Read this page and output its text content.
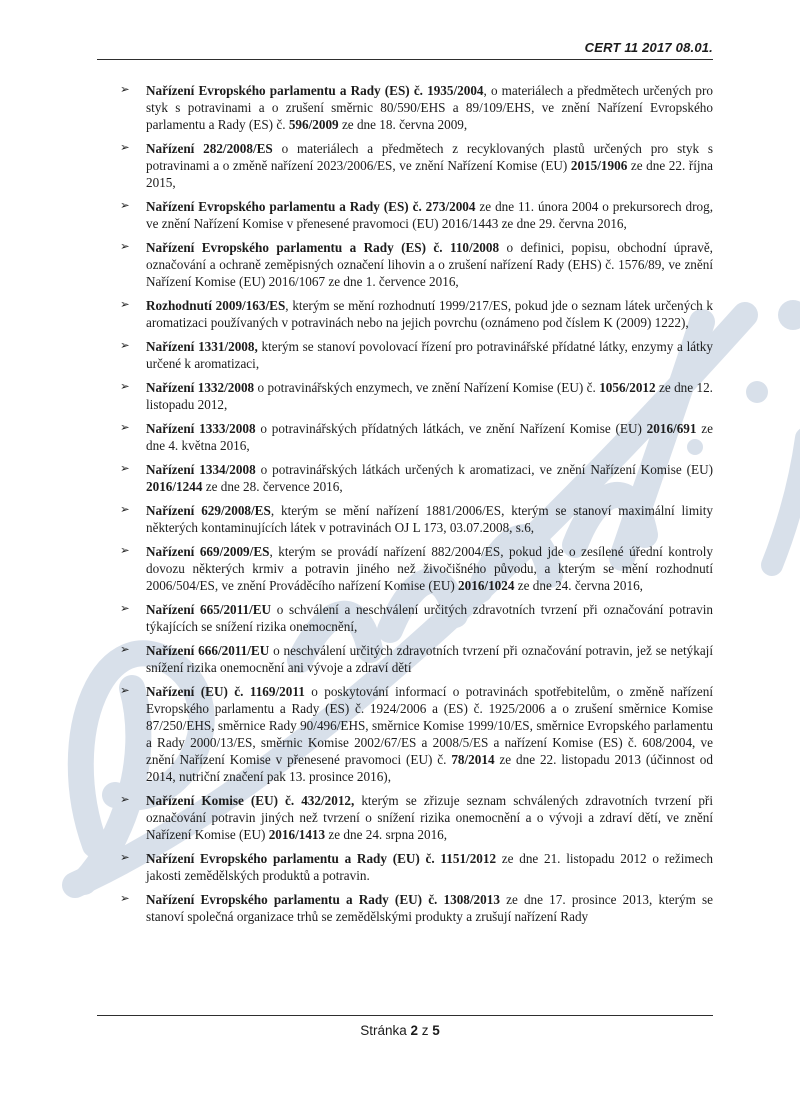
CERT 11 2017 08.01.
➢	Nařízení Evropského parlamentu a Rady (ES) č. 1935/2004, o materiálech a předmětech určených pro styk s potravinami a o zrušení směrnic 80/590/EHS a 89/109/EHS, ve znění Nařízení Evropského parlamentu a Rady (ES) č. 596/2009 ze dne 18. června 2009,
➢	Nařízení 282/2008/ES o materiálech a předmětech z recyklovaných plastů určených pro styk s potravinami a o změně nařízení 2023/2006/ES, ve znění Nařízení Komise (EU) 2015/1906 ze dne 22. října 2015,
➢	Nařízení Evropského parlamentu a Rady (ES) č. 273/2004 ze dne 11. února 2004 o prekursorech drog, ve znění Nařízení Komise v přenesené pravomoci (EU) 2016/1443 ze dne 29. června 2016,
➢	Nařízení Evropského parlamentu a Rady (ES) č. 110/2008 o definici, popisu, obchodní úpravě, označování a ochraně zeměpisných označení lihovin a o zrušení nařízení Rady (EHS) č. 1576/89, ve znění Nařízení Komise (EU) 2016/1067 ze dne 1. července 2016,
➢	Rozhodnutí 2009/163/ES, kterým se mění rozhodnutí 1999/217/ES, pokud jde o seznam látek určených k aromatizaci používaných v potravinách nebo na jejich povrchu (oznámeno pod číslem K (2009) 1222),
➢	Nařízení 1331/2008, kterým se stanoví povolovací řízení pro potravinářské přídatné látky, enzymy a látky určené k aromatizaci,
➢	Nařízení 1332/2008 o potravinářských enzymech, ve znění Nařízení Komise (EU) č. 1056/2012 ze dne 12. listopadu 2012,
➢	Nařízení 1333/2008 o potravinářských přídatných látkách, ve znění Nařízení Komise (EU) 2016/691 ze dne 4. května 2016,
➢	Nařízení 1334/2008 o potravinářských látkách určených k aromatizaci, ve znění Nařízení Komise (EU) 2016/1244 ze dne 28. července 2016,
➢	Nařízení 629/2008/ES, kterým se mění nařízení 1881/2006/ES, kterým se stanoví maximální limity některých kontaminujících látek v potravinách OJ L 173, 03.07.2008, s.6,
➢	Nařízení 669/2009/ES, kterým se provádí nařízení 882/2004/ES, pokud jde o zesílené úřední kontroly dovozu některých krmiv a potravin jiného než živočišného původu, a kterým se mění rozhodnutí 2006/504/ES, ve znění Prováděcího nařízení Komise (EU) 2016/1024 ze dne 24. června 2016,
➢	Nařízení 665/2011/EU o schválení a neschválení určitých zdravotních tvrzení při označování potravin týkajících se snížení rizika onemocnění,
➢	Nařízení 666/2011/EU o neschválení určitých zdravotních tvrzení při označování potravin, jež se netýkají snížení rizika onemocnění ani vývoje a zdraví dětí
➢	Nařízení (EU) č. 1169/2011 o poskytování informací o potravinách spotřebitelům, o změně nařízení Evropského parlamentu a Rady (ES) č. 1924/2006 a (ES) č. 1925/2006 a o zrušení směrnice Komise 87/250/EHS, směrnice Rady 90/496/EHS, směrnice Komise 1999/10/ES, směrnice Evropského parlamentu a Rady 2000/13/ES, směrnic Komise 2002/67/ES a 2008/5/ES a nařízení Komise (ES) č. 608/2004, ve znění Nařízení Komise v přenesené pravomoci (EU) č. 78/2014 ze dne 22. listopadu 2013 (účinnost od 2014, nutriční značení pak 13. prosince 2016),
➢	Nařízení Komise (EU) č. 432/2012, kterým se zřizuje seznam schválených zdravotních tvrzení při označování potravin jiných než tvrzení o snížení rizika onemocnění a o vývoji a zdraví dětí, ve znění Nařízení Komise (EU) 2016/1413 ze dne 24. srpna 2016,
➢	Nařízení Evropského parlamentu a Rady (EU) č. 1151/2012 ze dne 21. listopadu 2012 o režimech jakosti zemědělských produktů a potravin.
➢	Nařízení Evropského parlamentu a Rady (EU) č. 1308/2013 ze dne 17. prosince 2013, kterým se stanoví společná organizace trhů se zemědělskými produkty a zrušují nařízení Rady
Stránka 2 z 5
